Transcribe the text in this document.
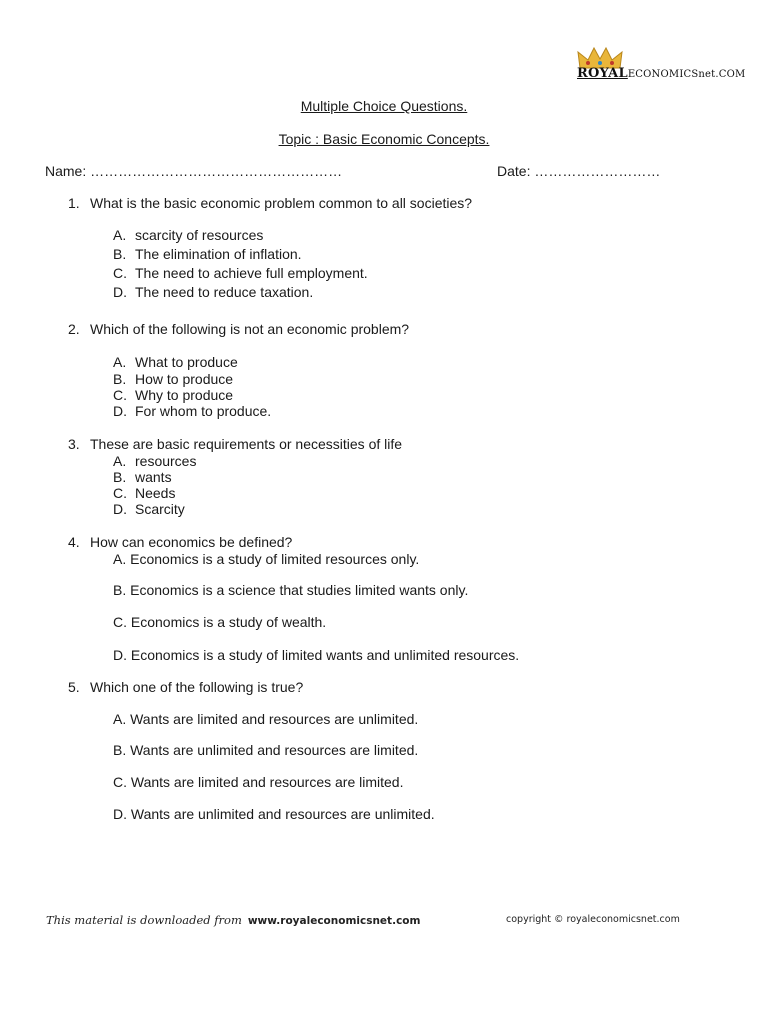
ROYALECONOMICSnet.COM
Multiple Choice Questions.
Topic : Basic Economic Concepts.
Name: ………………………………………………	Date: ………………………
1. What is the basic economic problem common to all societies?
A. scarcity of resources
B. The elimination of inflation.
C. The need to achieve full employment.
D. The need to reduce taxation.
2. Which of the following is not an economic problem?
A. What to produce
B. How to produce
C. Why to produce
D. For whom to produce.
3. These are basic requirements or necessities of life
A. resources
B. wants
C. Needs
D. Scarcity
4. How can economics be defined?
A. Economics is a study of limited resources only.
B. Economics is a science that studies limited wants only.
C. Economics is a study of wealth.
D. Economics is a study of limited wants and unlimited resources.
5. Which one of the following is true?
A. Wants are limited and resources are unlimited.
B. Wants are unlimited and resources are limited.
C. Wants are limited and resources are limited.
D. Wants are unlimited and resources are unlimited.
This material is downloaded from www.royaleconomicsnet.com	copyright © royaleconomicsnet.com
